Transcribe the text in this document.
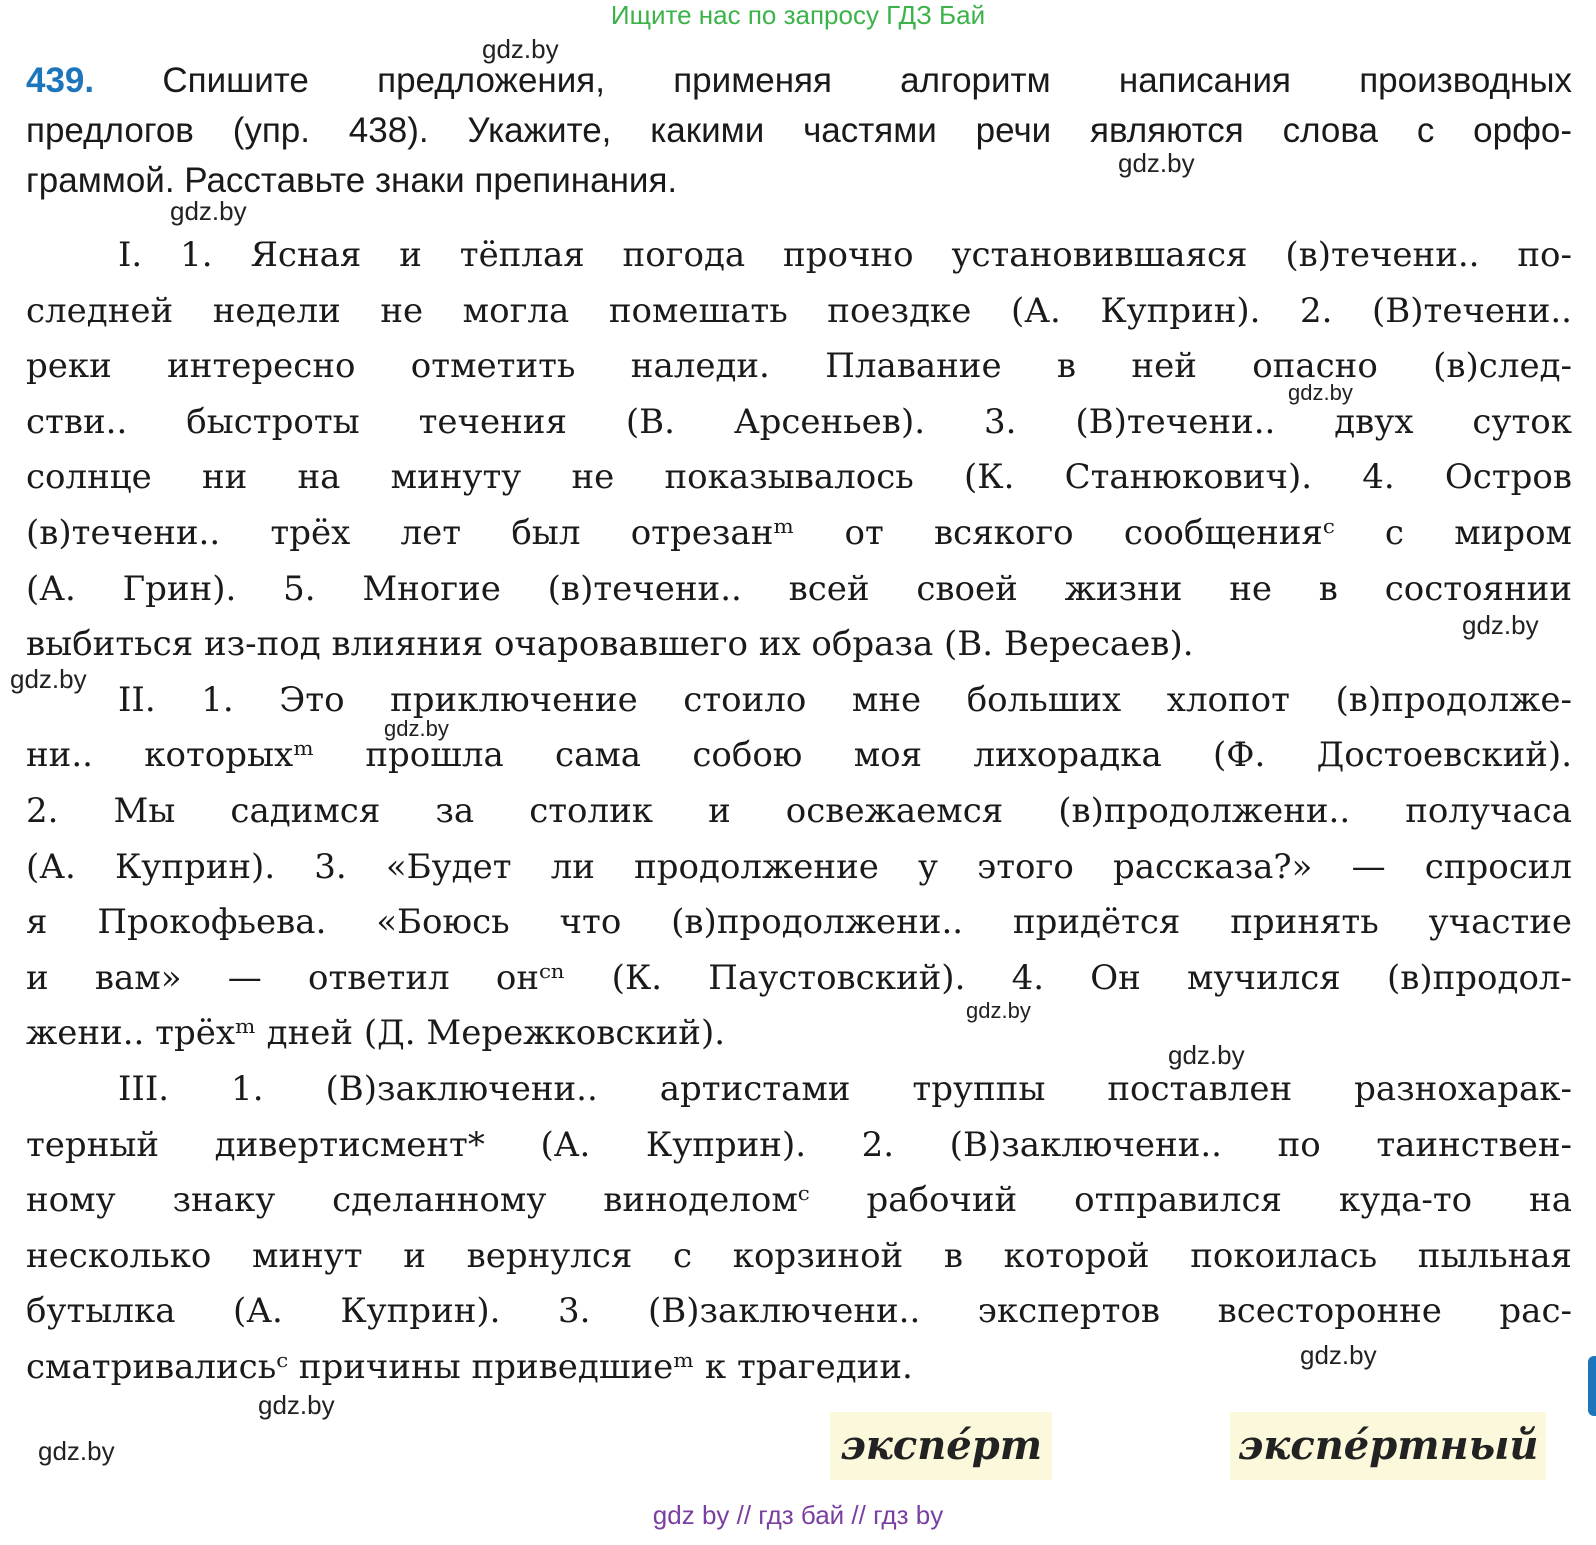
Ищите нас по запросу ГДЗ Бай
gdz.by
gdz.by
gdz.by
gdz.by
gdz.by
gdz.by
gdz.by
gdz.by
gdz.by
gdz.by
gdz.by
gdz.by
439. Спишите предложения, применяя алгоритм написания производных
предлогов (упр. 438). Укажите, какими частями речи являются слова с орфо-
граммой. Расставьте знаки препинания.
I. 1. Ясная и тёплая погода прочно установившаяся (в)течени.. по-
следней недели не могла помешать поездке (А. Куприн). 2. (В)течени..
реки интересно отметить наледи. Плавание в ней опасно (в)след-
стви.. быстроты течения (В. Арсеньев). 3. (В)течени.. двух суток
солнце ни на минуту не показывалось (К. Станюкович). 4. Остров
(в)течени.. трёх лет был отрезанᵐ от всякого сообщенияᶜ с миром
(А. Грин). 5. Многие (в)течени.. всей своей жизни не в состоянии
выбиться из-под влияния очаровавшего их образа (В. Вересаев).
II. 1. Это приключение стоило мне больших хлопот (в)продолже-
ни.. которыхᵐ прошла сама собою моя лихорадка (Ф. Достоевский).
2. Мы садимся за столик и освежаемся (в)продолжени.. получаса
(А. Куприн). 3. «Будет ли продолжение у этого рассказа?» — спросил
я Прокофьева. «Боюсь что (в)продолжени.. придётся принять участие
и вам» — ответил онᶜⁿ (К. Паустовский). 4. Он мучился (в)продол-
жени.. трёхᵐ дней (Д. Мережковский).
III. 1. (В)заключени.. артистами труппы поставлен разнохарак-
терный дивертисмент* (А. Куприн). 2. (В)заключени.. по таинствен-
ному знаку сделанному виноделомᶜ рабочий отправился куда-то на
несколько минут и вернулся с корзиной в которой покоилась пыльная
бутылка (А. Куприн). 3. (В)заключени.. экспертов всесторонне рас-
сматривалисьᶜ причины приведшиеᵐ к трагедии.
экспе́рт	экспе́ртный
gdz by // гдз бай // гдз by
